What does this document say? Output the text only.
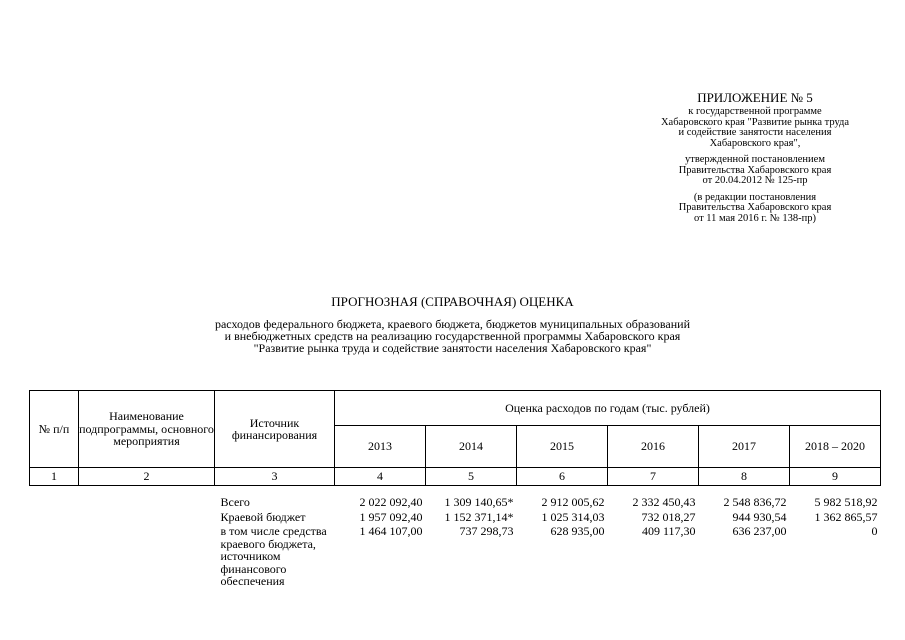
ПРИЛОЖЕНИЕ № 5
к государственной программе
Хабаровского края "Развитие рынка труда
и содействие занятости населения
Хабаровского края",
утвержденной постановлением
Правительства Хабаровского края
от 20.04.2012 № 125-пр
(в редакции постановления
Правительства Хабаровского края
от 11 мая 2016 г. № 138-пр)
ПРОГНОЗНАЯ (СПРАВОЧНАЯ) ОЦЕНКА
расходов федерального бюджета, краевого бюджета, бюджетов муниципальных образований
и внебюджетных средств на реализацию государственной программы Хабаровского края
"Развитие рынка труда и содействие занятости населения Хабаровского края"
№ п/п	Наименование подпрограммы, основного мероприятия	Источник финансирования	Оценка расходов по годам (тыс. рублей)					
			2013	2014	2015	2016	2017	2018 – 2020
1	2	3	4	5	6	7	8	9

		Всего	2 022 092,40	1 309 140,65*	2 912 005,62	2 332 450,43	2 548 836,72	5 982 518,92
		Краевой бюджет	1 957 092,40	1 152 371,14*	1 025 314,03	732 018,27	944 930,54	1 362 865,57
		в том числе средства краевого бюджета, источником финансового обеспечения	1 464 107,00	737 298,73	628 935,00	409 117,30	636 237,00	0
